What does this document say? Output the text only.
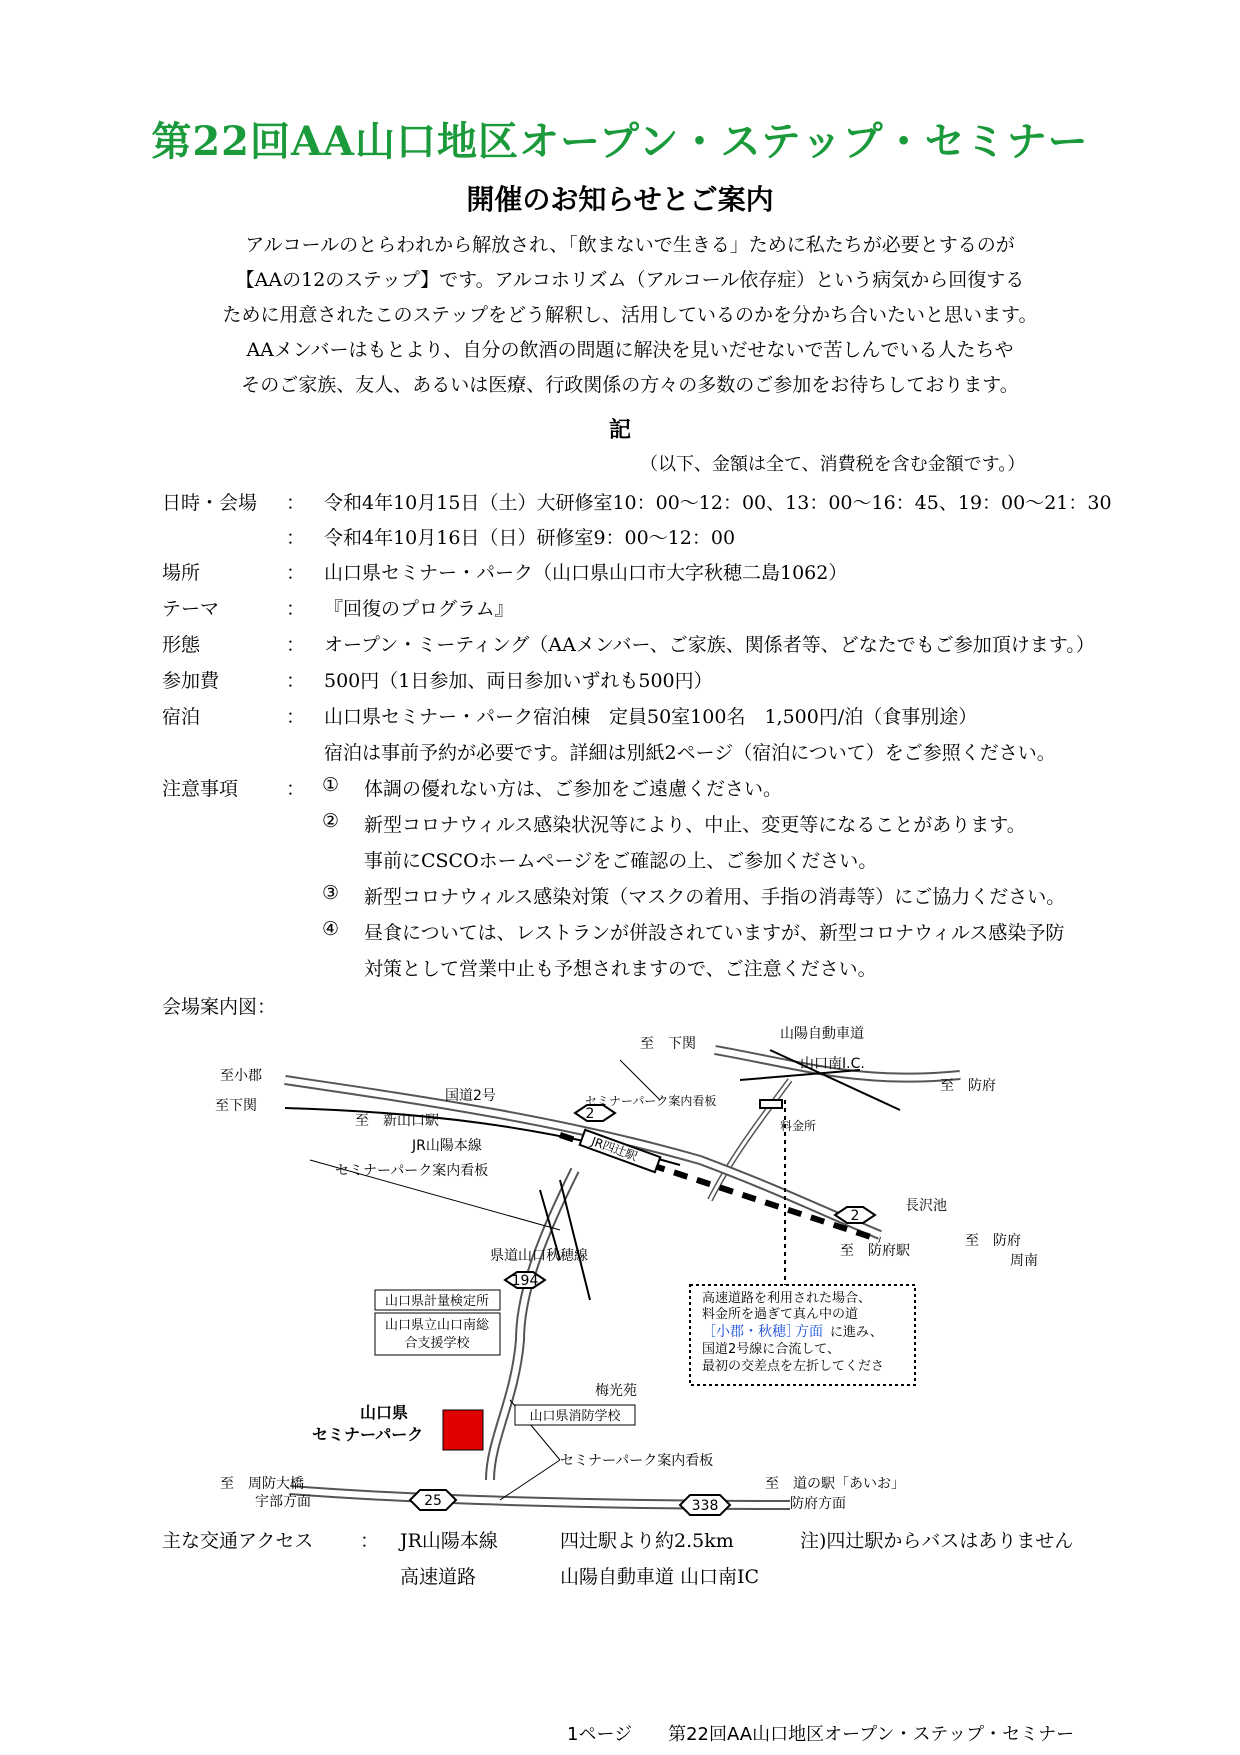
第22回AA山口地区オープン・ステップ・セミナー
開催のお知らせとご案内
アルコールのとらわれから解放され、「飲まないで生きる」ために私たちが必要とするのが
【AAの12のステップ】です。アルコホリズム（アルコール依存症）という病気から回復する
ために用意されたこのステップをどう解釈し、活用しているのかを分かち合いたいと思います。
AAメンバーはもとより、自分の飲酒の問題に解決を見いだせないで苦しんでいる人たちや
そのご家族、友人、あるいは医療、行政関係の方々の多数のご参加をお待ちしております。
記
（以下、金額は全て、消費税を含む金額です。）
日時・会場 ： 令和4年10月15日（土）大研修室10：00～12：00、13：00～16：45、19：00～21：30
： 令和4年10月16日（日）研修室9：00～12：00
場所	： 山口県セミナー・パーク（山口県山口市大字秋穂二島1062）
テーマ	： 『回復のプログラム』
形態	： オープン・ミーティング（AAメンバー、ご家族、関係者等、どなたでもご参加頂けます。）
参加費	： 500円（1日参加、両日参加いずれも500円）
宿泊	： 山口県セミナー・パーク宿泊棟　定員50室100名　1,500円/泊（食事別途）
宿泊は事前予約が必要です。詳細は別紙2ページ（宿泊について）をご参照ください。
注意事項	： ① 体調の優れない方は、ご参加をご遠慮ください。
② 新型コロナウィルス感染状況等により、中止、変更等になることがあります。
事前にCSCOホームページをご確認の上、ご参加ください。
③ 新型コロナウィルス感染対策（マスクの着用、手指の消毒等）にご協力ください。
④ 昼食については、レストランが併設されていますが、新型コロナウィルス感染予防
対策として営業中止も予想されますので、ご注意ください。
会場案内図：
2
2
194
25	338
至　下関
山陽自動車道
山口南I.C.
至小郡
至下関
国道2号	セミナーパーク案内看板
至　防府
至　新山口駅	料金所
JR山陽本線	JR四辻駅
セミナーパーク案内看板
長沢池
至　防府駅
至　防府
周南
県道山口秋穂線
梅光苑
山口県計量検定所
山口県立山口南総
合支援学校
山口県消防学校
高速道路を利用された場合、
料金所を過ぎて真ん中の道
［小郡・秋穂］
方面 に進み、
国道2号線に合流して、
最初の交差点を左折してくださ
山口県
セミナーパーク
セミナーパーク案内看板
至　周防大橋
宇部方面
至　道の駅「あいお」
防府方面
主な交通アクセス ： JR山陽本線	四辻駅より約2.5km	注)四辻駅からバスはありません
高速道路	山陽自動車道 山口南IC
1ページ 第22回AA山口地区オープン・ステップ・セミナー
